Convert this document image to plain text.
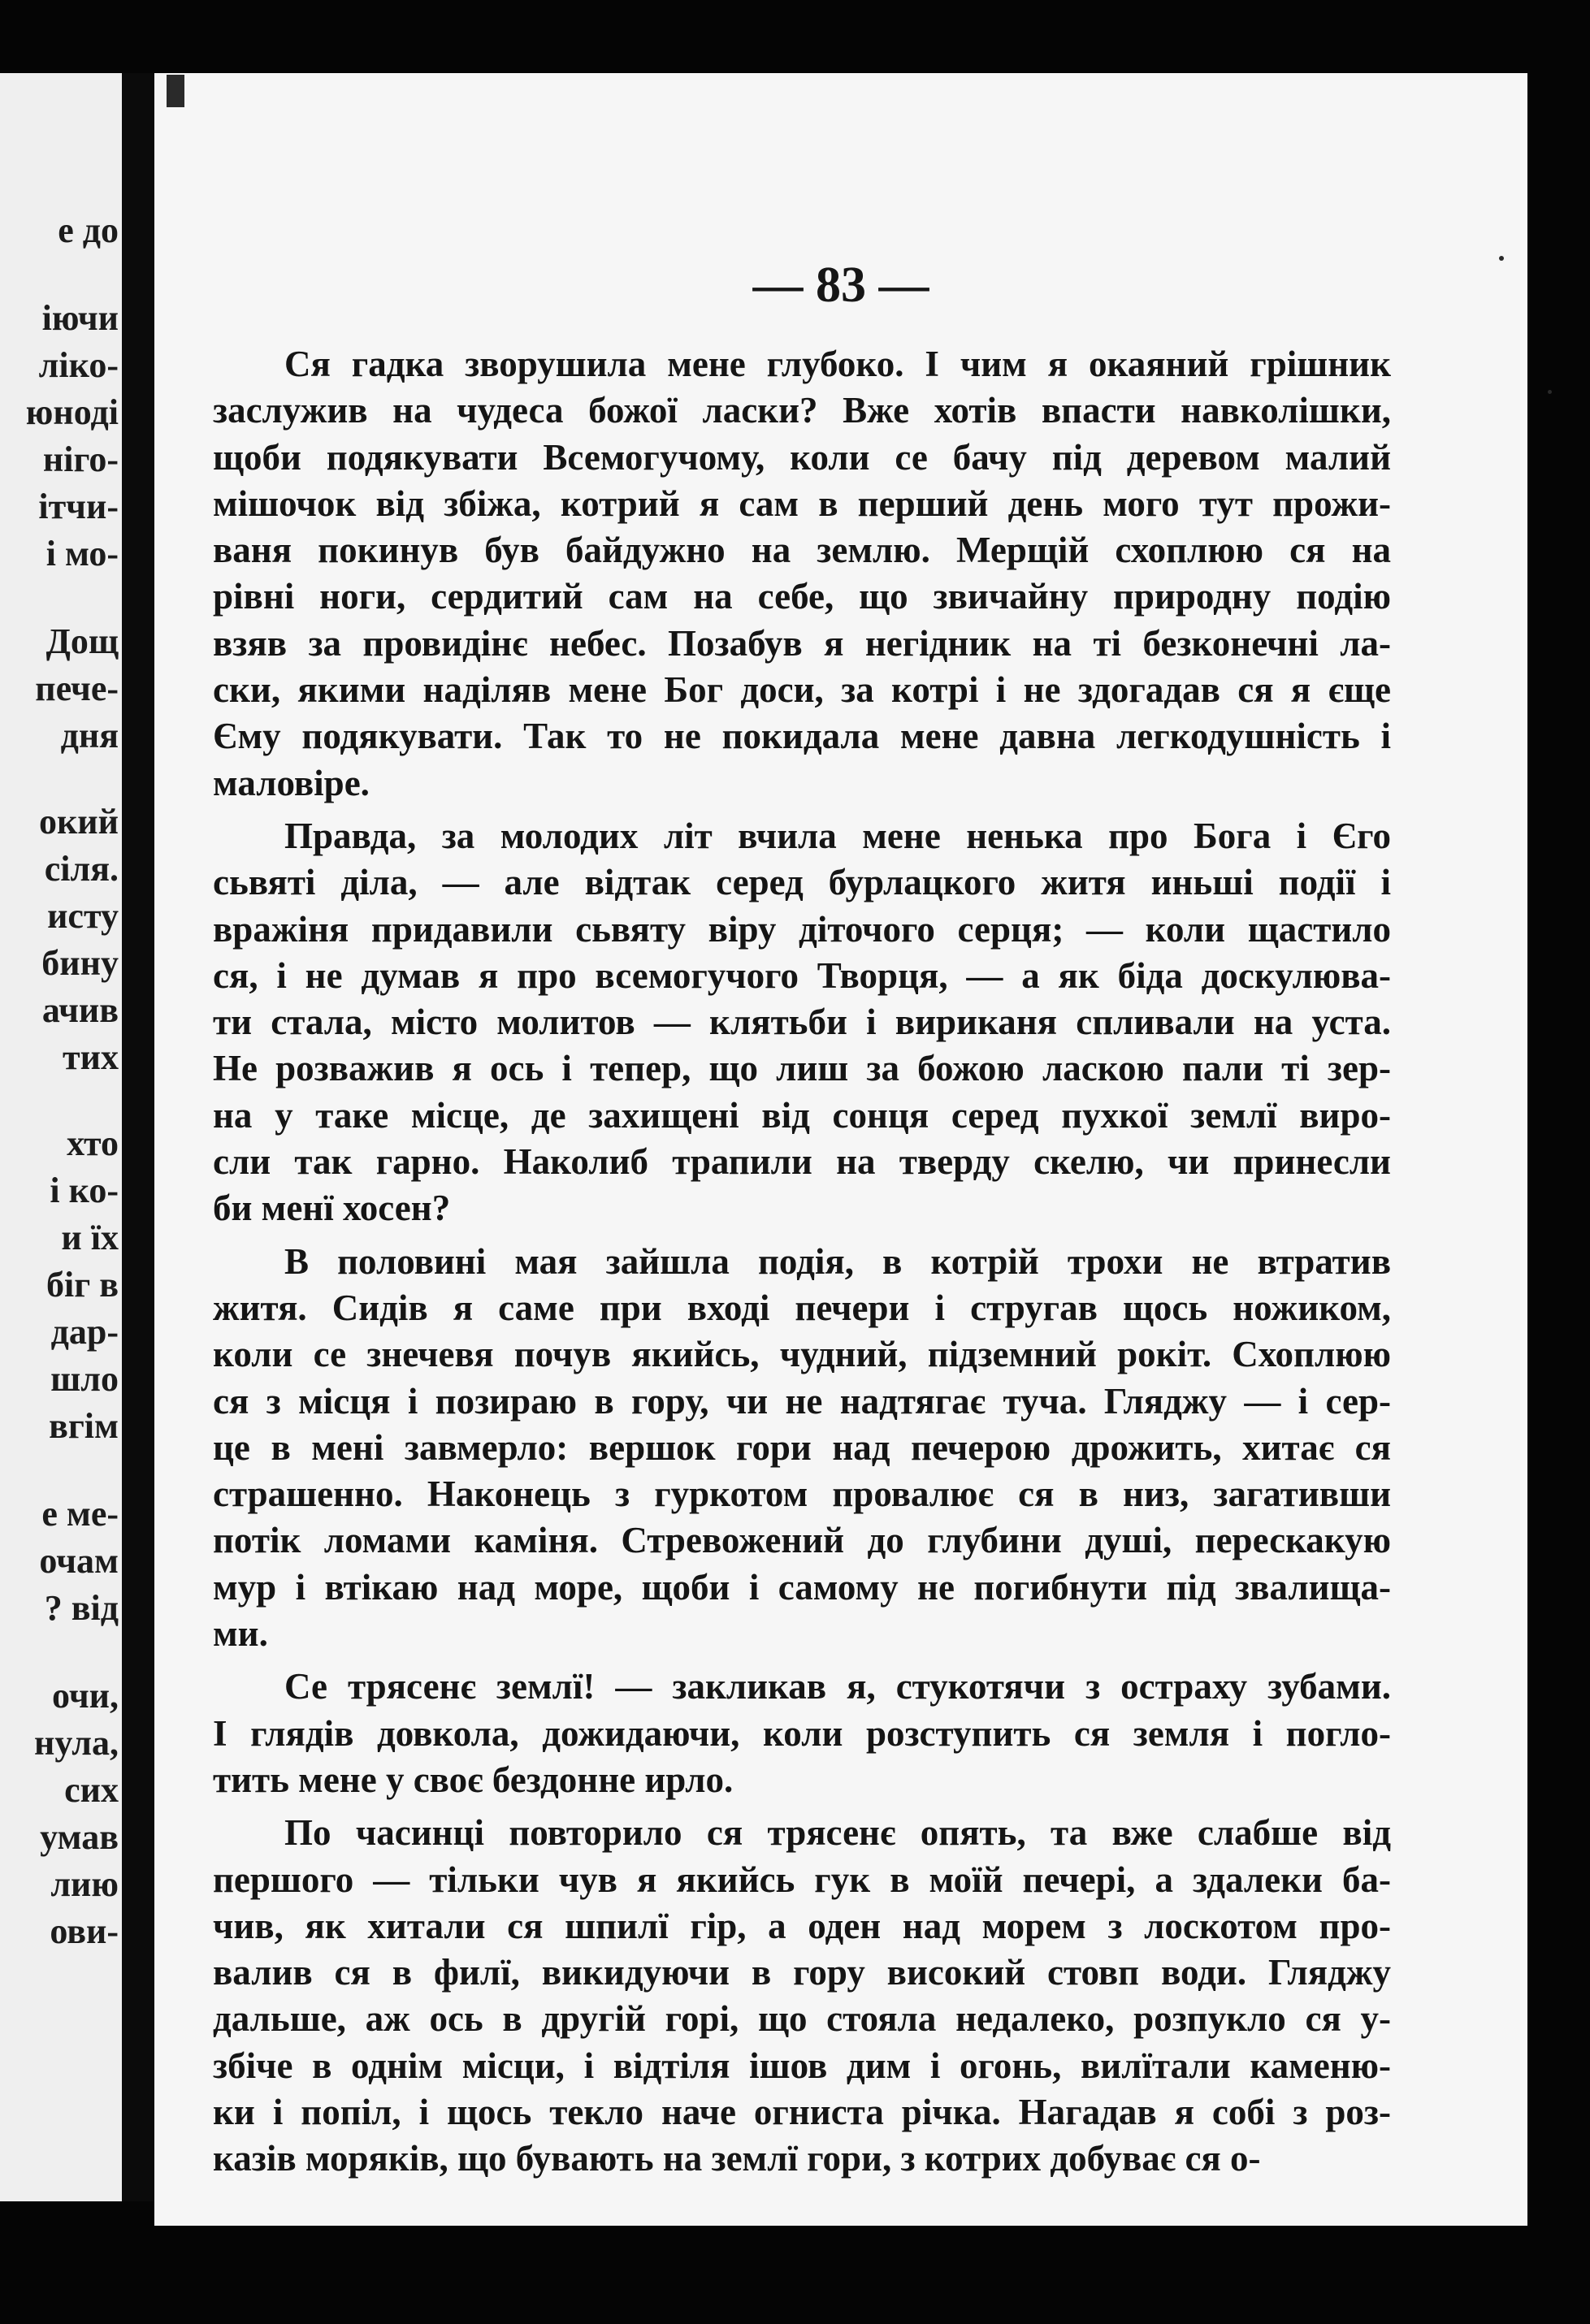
е до
іючи
ліко-
юноді
ніго-
ітчи-
і мо-
Дощ
пече-
дня
окий
сіля.
исту
бину
ачив
тих
хто
і ко-
и їх
біг в
дар-
шло
вгім
е ме-
очам
? від
очи,
нула,
сих
умав
лию
ови-
— 83 —
Ся гадка зворушила мене глубоко. І чим я окаяний грішник
заслужив на чудеса божої ласки? Вже хотів впасти навколішки,
щоби подякувати Всемогучому, коли се бачу під деревом малий
мішочок від збіжа, котрий я сам в перший день мого тут прожи-
ваня покинув був байдужно на землю. Мерщій схоплюю ся на
рівні ноги, сердитий сам на себе, що звичайну природну подію
взяв за провидінє небес. Позабув я негідник на ті безконечні ла-
ски, якими наділяв мене Бог доси, за котрі і не здогадав ся я єще
Єму подякувати. Так то не покидала мене давна легкодушність і
маловіре.
Правда, за молодих літ вчила мене ненька про Бога і Єго
сьвяті діла, — але відтак серед бурлацкого житя иньші події і
вражіня придавили сьвяту віру діточого серця; — коли щастило
ся, і не думав я про всемогучого Творця, — а як біда доскулюва-
ти стала, місто молитов — клятьби і вириканя спливали на уста.
Не розважив я ось і тепер, що лиш за божою ласкою пали ті зер-
на у таке місце, де захищені від сонця серед пухкої землї виро-
сли так гарно. Наколиб трапили на тверду скелю, чи принесли
би менї хосен?
В половині мая зайшла подія, в котрій трохи не втратив
житя. Сидів я саме при вході печери і стругав щось ножиком,
коли се знечевя почув якийсь, чудний, підземний рокіт. Схоплюю
ся з місця і позираю в гору, чи не надтягає туча. Гляджу — і сер-
це в мені завмерло: вершок гори над печерою дрожить, хитає ся
страшенно. Наконець з гуркотом провалює ся в низ, загативши
потік ломами каміня. Стревожений до глубини душі, перескакую
мур і втікаю над море, щоби і самому не погибнути під звалища-
ми.
Се трясенє землї! — закликав я, стукотячи з остраху зубами.
І глядів довкола, дожидаючи, коли розступить ся земля і погло-
тить мене у своє бездонне ирло.
По часинці повторило ся трясенє опять, та вже слабше від
першого — тільки чув я якийсь гук в моїй печері, а здалеки ба-
чив, як хитали ся шпилї гір, а оден над морем з лоскотом про-
валив ся в филї, викидуючи в гору високий стовп води. Гляджу
дальше, аж ось в другій горі, що стояла недалеко, розпукло ся у-
збіче в однім місци, і відтіля ішов дим і огонь, вилїтали каменю-
ки і попіл, і щось текло наче огниста річка. Нагадав я собі з роз-
казів моряків, що бувають на землї гори, з котрих добуває ся о-
